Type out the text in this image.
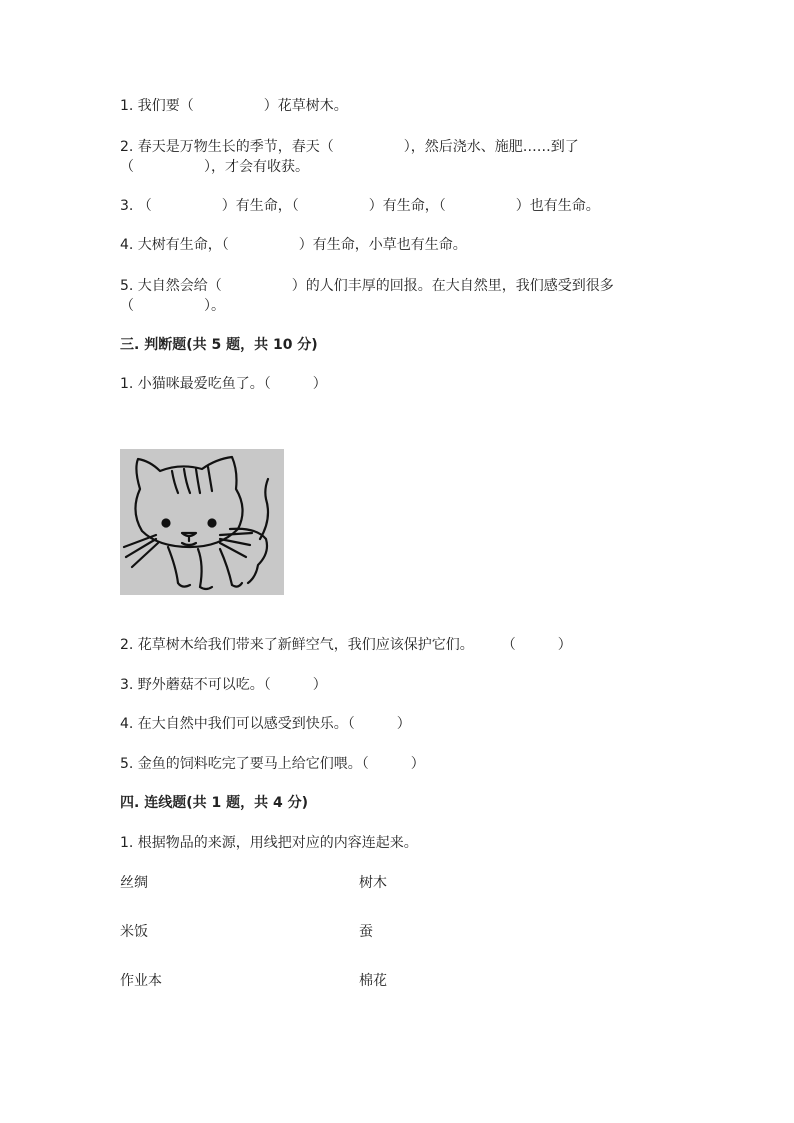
1. 我们要（　　　　　）花草树木。
2. 春天是万物生长的季节，春天（　　　　　），然后浇水、施肥……到了
（　　　　　），才会有收获。
3. （　　　　　）有生命，（　　　　　）有生命，（　　　　　）也有生命。
4. 大树有生命，（　　　　　）有生命，小草也有生命。
5. 大自然会给（　　　　　）的人们丰厚的回报。在大自然里，我们感受到很多
（　　　　　）。
三. 判断题(共 5 题，共 10 分)
1. 小猫咪最爱吃鱼了。（　　　）
2. 花草树木给我们带来了新鲜空气，我们应该保护它们。　　　（　　　）
3. 野外蘑菇不可以吃。（　　　）
4. 在大自然中我们可以感受到快乐。（　　　）
5. 金鱼的饲料吃完了要马上给它们喂。（　　　）
四. 连线题(共 1 题，共 4 分)
1. 根据物品的来源，用线把对应的内容连起来。
丝绸
米饭
作业本
树木
蚕
棉花
